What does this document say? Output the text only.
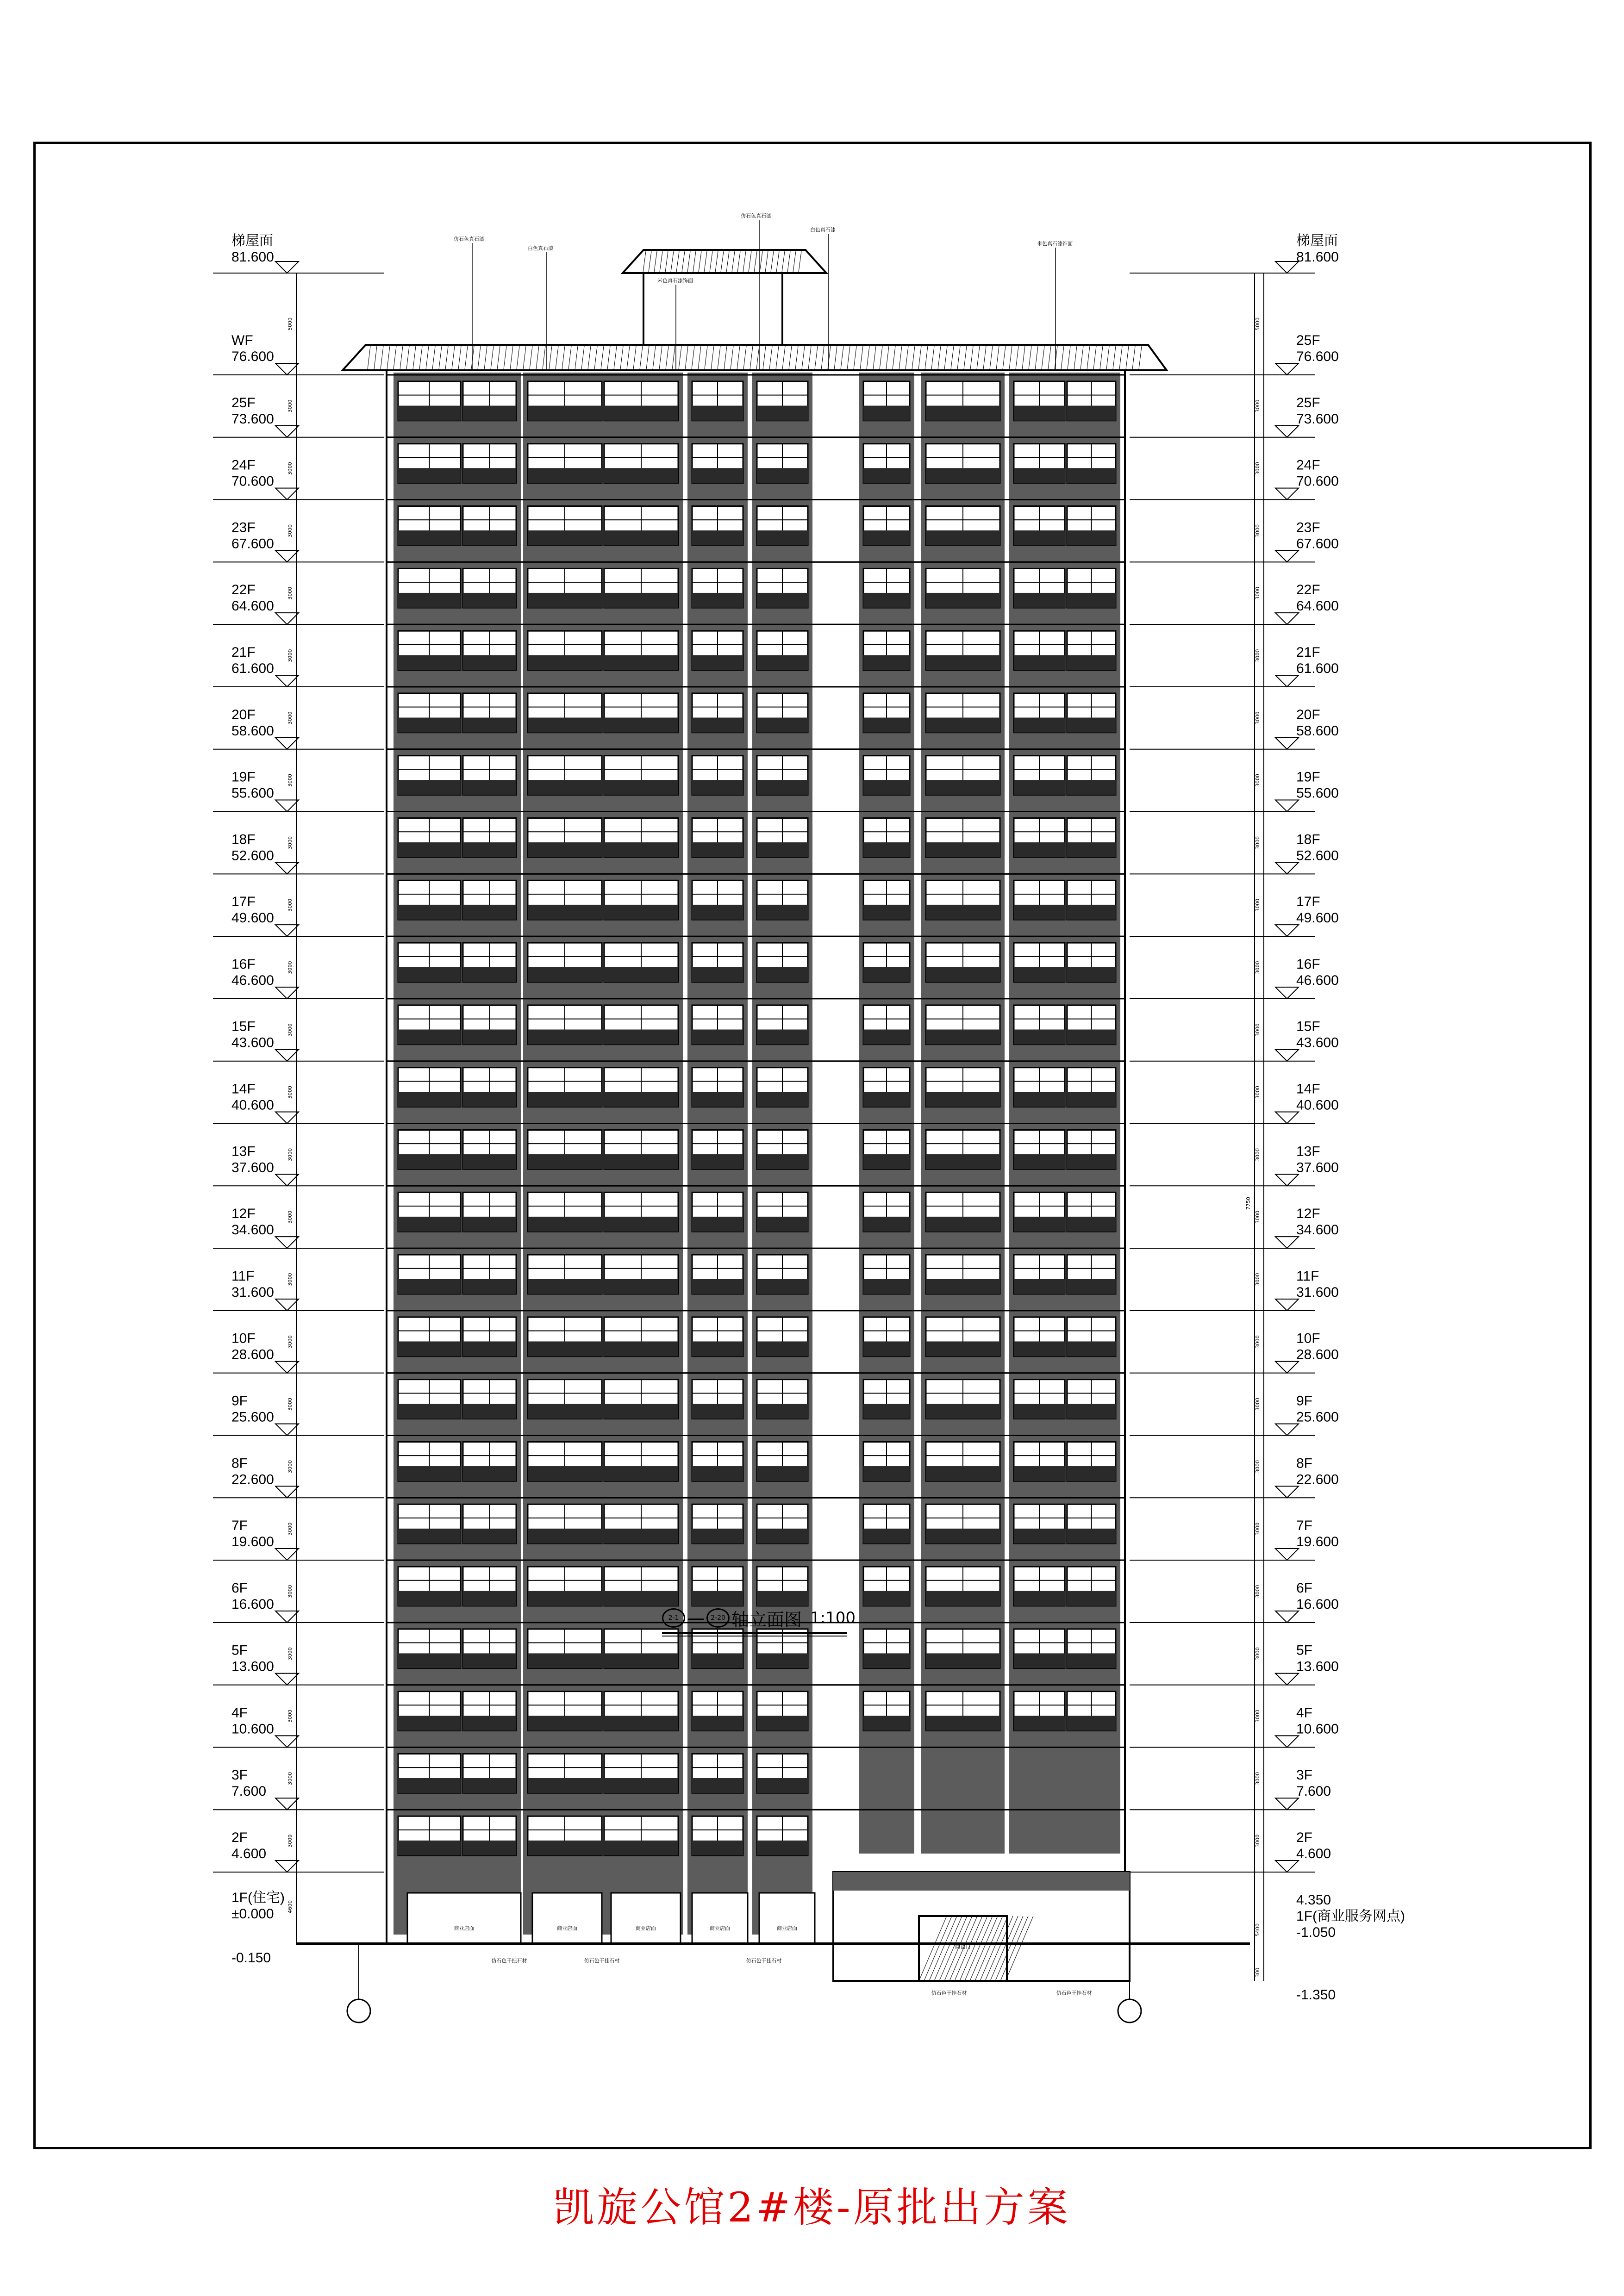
商业店面	商业店面	商业店面	商业店面	商业店面
梯屋面
81.600
梯屋面
81.600
WF
76.600
25F
76.600
25F
73.600
25F
73.600
24F
70.600
24F
70.600
23F
67.600
23F
67.600
22F
64.600
22F
64.600
21F
61.600
21F
61.600
20F
58.600
20F
58.600
19F
55.600
19F
55.600
18F
52.600
18F
52.600
17F
49.600
17F
49.600
16F
46.600
16F
46.600
15F
43.600
15F
43.600
14F
40.600
14F
40.600
13F
37.600
13F
37.600
12F
34.600
12F
34.600
11F
31.600
11F
31.600
10F
28.600
10F
28.600
9F
25.600
9F
25.600
8F
22.600
8F
22.600
7F
19.600
7F
19.600
6F
16.600
6F
16.600
5F
13.600
5F
13.600
4F
10.600
4F
10.600
3F
7.600
3F
7.600
2F
4.600
2F
4.600
1F(住宅)
±0.000
-0.150
4.350
1F(商业服务网点)
-1.050
-1.350
5000	5000
3000	3000
3000	3000
3000	3000
3000	3000
3000	3000
3000	3000
3000	3000
3000	3000
3000	3000
3000	3000
3000	3000
3000	3000
3000	3000
3000	3000
3000	3000
3000	3000
3000	3000
3000	3000
3000	3000
3000	3000
3000	3000
3000	3000
3000	3000
3000	3000
4600
7750
5400
300
仿石色真石漆
白色真石漆
米色真石漆饰面
仿石色真石漆
白色真石漆
米色真石漆饰面
仿石色干挂石材	仿石色干挂石材	仿石色干挂石材
仿石色干挂石材	仿石色干挂石材
防盗门
2-1 — 2-20 轴立面图 1:100
凯旋公馆2#楼-原批出方案
